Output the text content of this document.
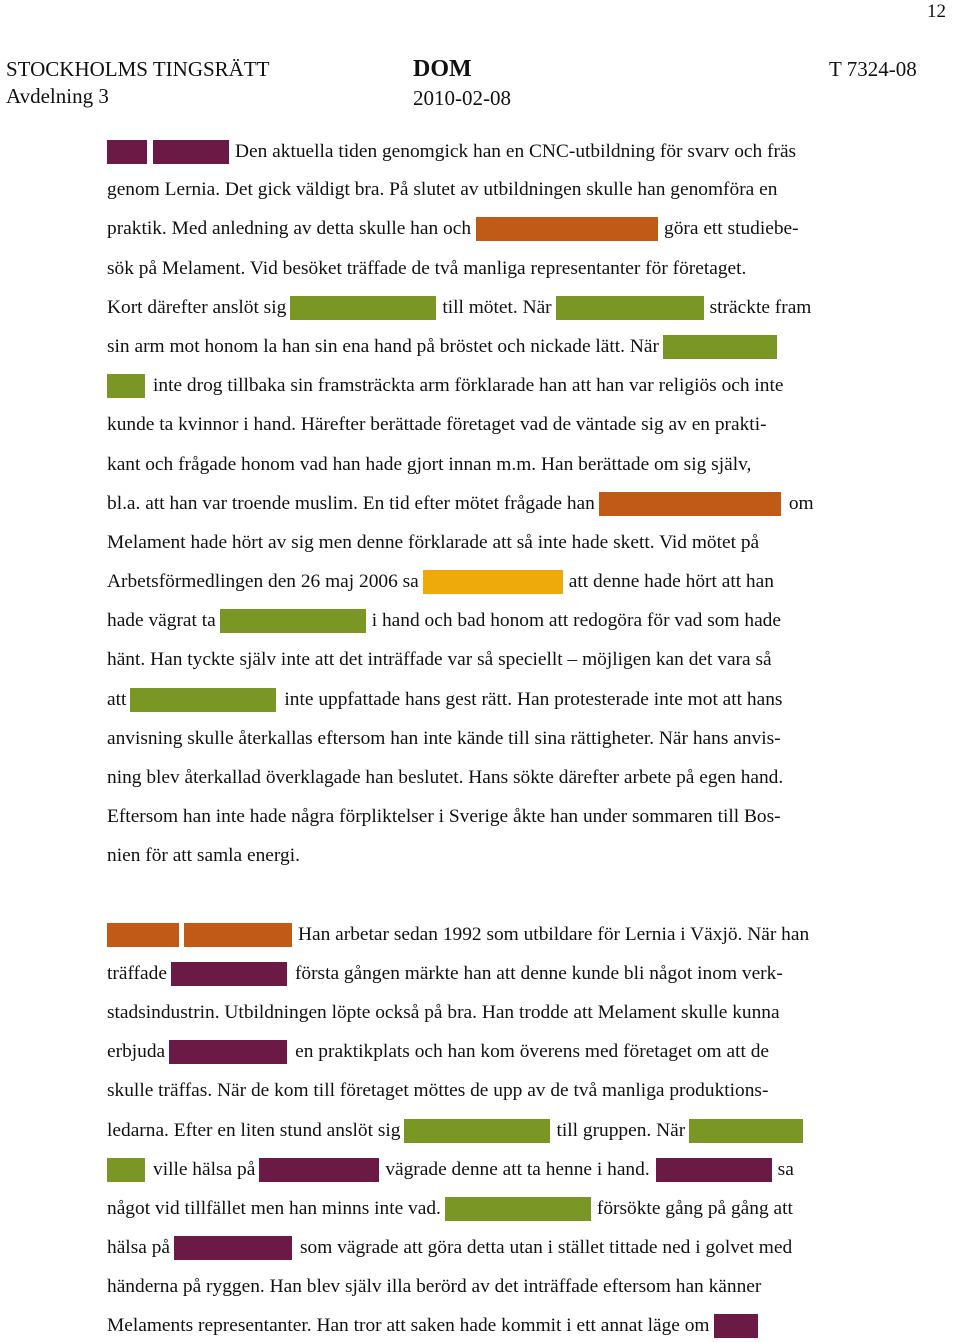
12
STOCKHOLMS TINGSRÄTT
Avdelning 3
DOM
2010-02-08
T 7324-08
Den aktuella tiden genomgick han en CNC-utbildning för svarv och fräs
genom Lernia. Det gick väldigt bra. På slutet av utbildningen skulle han genomföra en
praktik. Med anledning av detta skulle han och	göra ett studiebe-
sök på Melament. Vid besöket träffade de två manliga representanter för företaget.
Kort därefter anslöt sig	till mötet. När	sträckte fram
sin arm mot honom la han sin ena hand på bröstet och nickade lätt. När
inte drog tillbaka sin framsträckta arm förklarade han att han var religiös och inte
kunde ta kvinnor i hand. Härefter berättade företaget vad de väntade sig av en prakti-
kant och frågade honom vad han hade gjort innan m.m. Han berättade om sig själv,
bl.a. att han var troende muslim. En tid efter mötet frågade han	om
Melament hade hört av sig men denne förklarade att så inte hade skett. Vid mötet på
Arbetsförmedlingen den 26 maj 2006 sa	att denne hade hört att han
hade vägrat ta	i hand och bad honom att redogöra för vad som hade
hänt. Han tyckte själv inte att det inträffade var så speciellt – möjligen kan det vara så
att	inte uppfattade hans gest rätt. Han protesterade inte mot att hans
anvisning skulle återkallas eftersom han inte kände till sina rättigheter. När hans anvis-
ning blev återkallad överklagade han beslutet. Hans sökte därefter arbete på egen hand.
Eftersom han inte hade några förpliktelser i Sverige åkte han under sommaren till Bos-
nien för att samla energi.
Han arbetar sedan 1992 som utbildare för Lernia i Växjö. När han
träffade	första gången märkte han att denne kunde bli något inom verk-
stadsindustrin. Utbildningen löpte också på bra. Han trodde att Melament skulle kunna
erbjuda	en praktikplats och han kom överens med företaget om att de
skulle träffas. När de kom till företaget möttes de upp av de två manliga produktions-
ledarna. Efter en liten stund anslöt sig	till gruppen. När
ville hälsa på	vägrade denne att ta henne i hand.	sa
något vid tillfället men han minns inte vad.	försökte gång på gång att
hälsa på	som vägrade att göra detta utan i stället tittade ned i golvet med
händerna på ryggen. Han blev själv illa berörd av det inträffade eftersom han känner
Melaments representanter. Han tror att saken hade kommit i ett annat läge om
